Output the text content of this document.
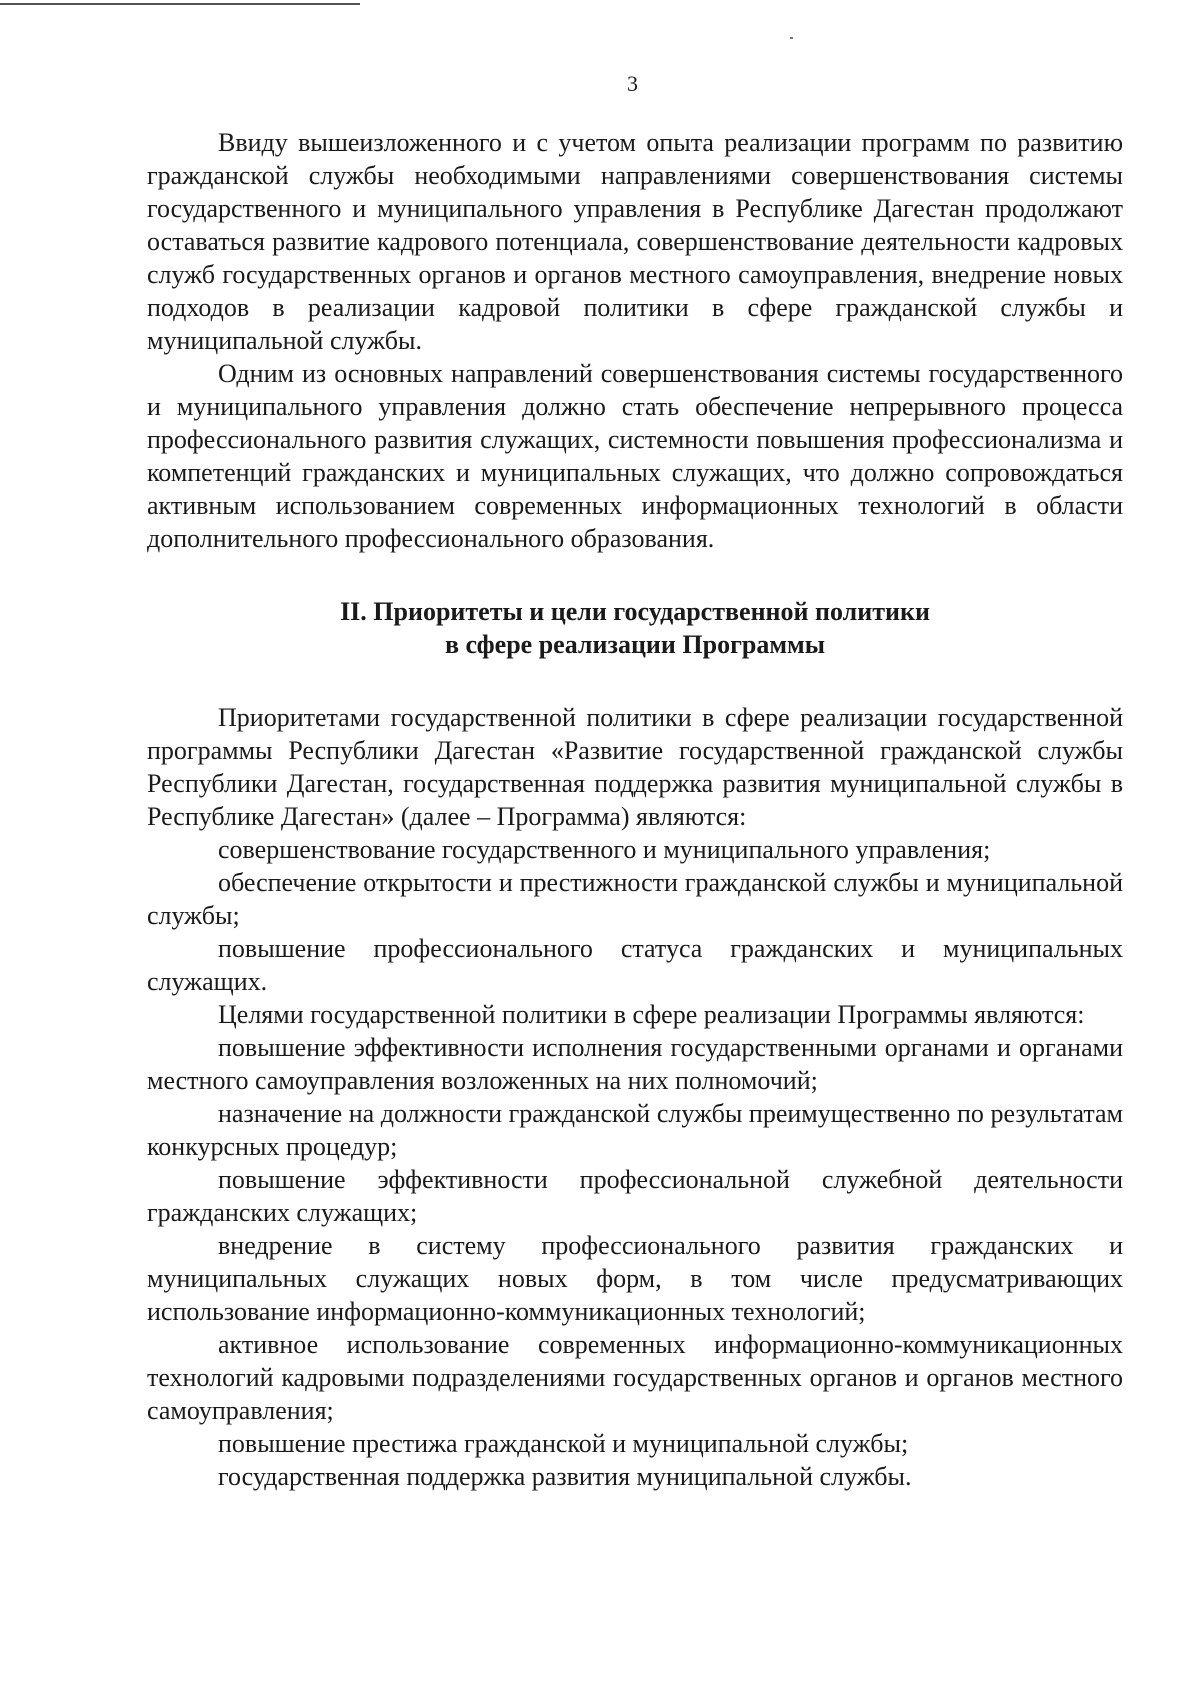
3

Ввиду вышеизложенного и с учетом опыта реализации программ по развитию гражданской службы необходимыми направлениями совершенствования системы государственного и муниципального управления в Республике Дагестан продолжают оставаться развитие кадрового потенциала, совершенствование деятельности кадровых служб государственных органов и органов местного самоуправления, внедрение новых подходов в реализации кадровой политики в сфере гражданской службы и муниципальной службы.

Одним из основных направлений совершенствования системы государственного и муниципального управления должно стать обеспечение непрерывного процесса профессионального развития служащих, системности повышения профессионализма и компетенций гражданских и муниципальных служащих, что должно сопровождаться активным использованием современных информационных технологий в области дополнительного профессионального образования.

II. Приоритеты и цели государственной политики
в сфере реализации Программы

Приоритетами государственной политики в сфере реализации государственной программы Республики Дагестан «Развитие государственной гражданской службы Республики Дагестан, государственная поддержка развития муниципальной службы в Республике Дагестан» (далее – Программа) являются:

совершенствование государственного и муниципального управления;

обеспечение открытости и престижности гражданской службы и муниципальной службы;

повышение профессионального статуса гражданских и муниципальных служащих.

Целями государственной политики в сфере реализации Программы являются:

повышение эффективности исполнения государственными органами и органами местного самоуправления возложенных на них полномочий;

назначение на должности гражданской службы преимущественно по результатам конкурсных процедур;

повышение эффективности профессиональной служебной деятельности гражданских служащих;

внедрение в систему профессионального развития гражданских и муниципальных служащих новых форм, в том числе предусматривающих использование информационно-коммуникационных технологий;

активное использование современных информационно-коммуникационных технологий кадровыми подразделениями государственных органов и органов местного самоуправления;

повышение престижа гражданской и муниципальной службы;

государственная поддержка развития муниципальной службы.
